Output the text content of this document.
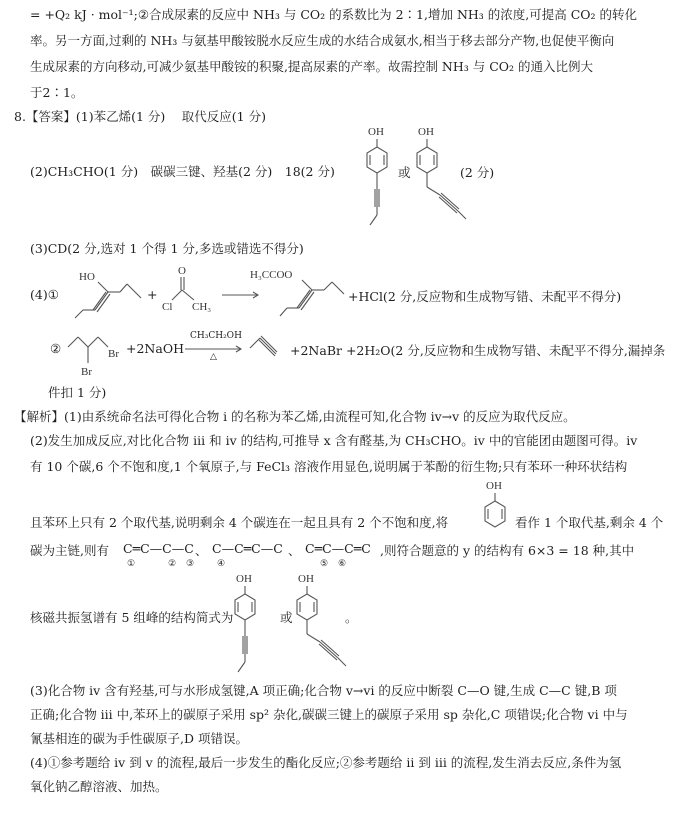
= +Q₂ kJ · mol⁻¹;②合成尿素的反应中 NH₃ 与 CO₂ 的系数比为 2∶1,增加 NH₃ 的浓度,可提高 CO₂ 的转化
率。另一方面,过剩的 NH₃ 与氨基甲酸铵脱水反应生成的水结合成氨水,相当于移去部分产物,也促使平衡向
生成尿素的方向移动,可减少氨基甲酸铵的积聚,提高尿素的产率。故需控制 NH₃ 与 CO₂ 的通入比例大
于2∶1。
8.【答案】(1)苯乙烯(1 分)　 取代反应(1 分)
(2)CH₃CHO(1 分)　碳碳三键、羟基(2 分)　18(2 分)
OH
或
OH
(2 分)
(3)CD(2 分,选对 1 个得 1 分,多选或错选不得分)
(4)①
HO
+
O
Cl CH₃
H₃CCOO
+HCl(2 分,反应物和生成物写错、未配平不得分)
②	Br
Br
+2NaOH
CH₃CH₂OH
△	+2NaBr +2H₂O(2 分,反应物和生成物写错、未配平不得分,漏掉条
件扣 1 分)
【解析】(1)由系统命名法可得化合物 i 的名称为苯乙烯,由流程可知,化合物 iv→v 的反应为取代反应。
(2)发生加成反应,对比化合物 iii 和 iv 的结构,可推导 x 含有醛基,为 CH₃CHO。iv 中的官能团由题图可得。iv
有 10 个碳,6 个不饱和度,1 个氧原子,与 FeCl₃ 溶液作用显色,说明属于苯酚的衍生物;只有苯环一种环状结构
且苯环上只有 2 个取代基,说明剩余 4 个碳连在一起且具有 2 个不饱和度,将
OH
看作 1 个取代基,剩余 4 个
碳为主链,则有 C═C—C—C 、 C—C═C—C 、 C═C—C═C
①	② ③	④	⑤ ⑥
,则符合题意的 y 的结构有 6×3 = 18 种,其中
核磁共振氢谱有 5 组峰的结构简式为
OH
或
OH
。
(3)化合物 iv 含有羟基,可与水形成氢键,A 项正确;化合物 v→vi 的反应中断裂 C—O 键,生成 C—C 键,B 项
正确;化合物 iii 中,苯环上的碳原子采用 sp² 杂化,碳碳三键上的碳原子采用 sp 杂化,C 项错误;化合物 vi 中与
氰基相连的碳为手性碳原子,D 项错误。
(4)①参考题给 iv 到 v 的流程,最后一步发生的酯化反应;②参考题给 ii 到 iii 的流程,发生消去反应,条件为氢
氧化钠乙醇溶液、加热。
